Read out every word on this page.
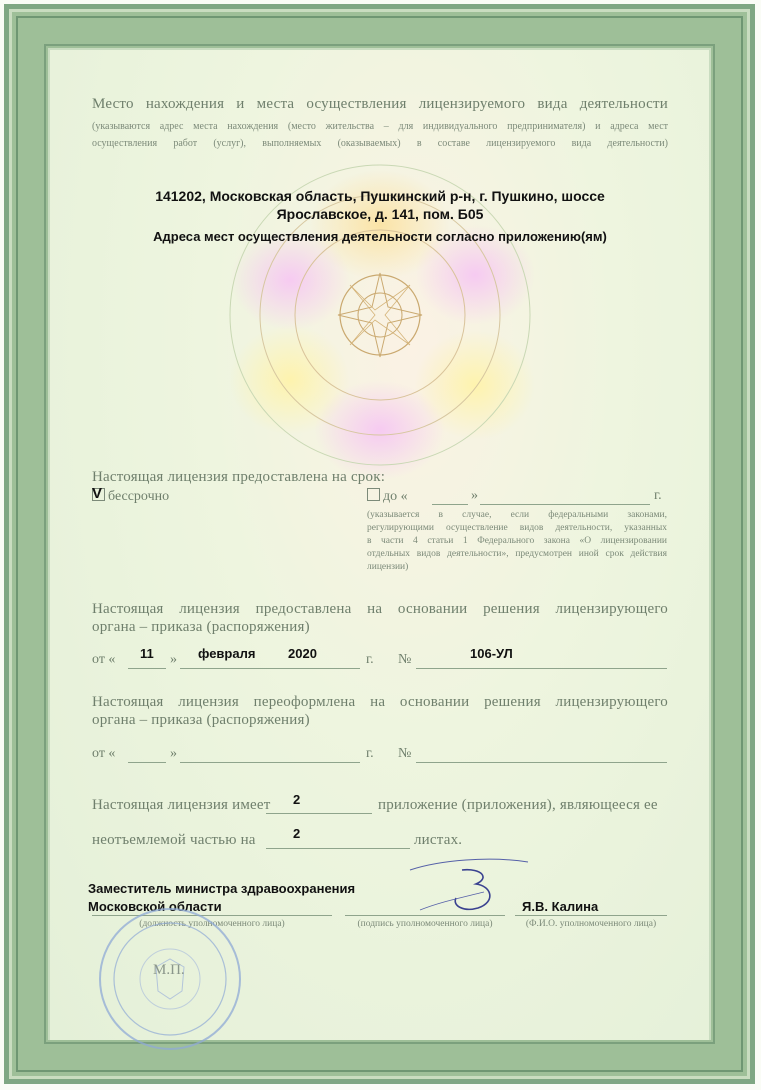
Место нахождения и места осуществления лицензируемого вида деятельности
(указываются адрес места нахождения (место жительства – для индивидуального предпринимателя) и адреса мест
осуществления работ (услуг), выполняемых (оказываемых) в составе лицензируемого вида деятельности)
141202, Московская область, Пушкинский р-н, г. Пушкино, шоссе
Ярославское, д. 141, пом. Б05
Адреса мест осуществления деятельности согласно приложению(ям)
Настоящая лицензия предоставлена на срок:
бессрочно
V	до «	»	г.
(указывается в случае, если федеральными законами,
регулирующими осуществление видов деятельности, указанных
в части 4 статьи 1 Федерального закона «О лицензировании
отдельных видов деятельности», предусмотрен иной срок действия
лицензии)
Настоящая лицензия предоставлена на основании решения лицензирующего
органа – приказа (распоряжения)
от « 11 » февраля	2020	г. №	106-УЛ
Настоящая лицензия переоформлена на основании решения лицензирующего
органа – приказа (распоряжения)
от «	»	г. №
Настоящая лицензия имеет 2	приложение (приложения), являющееся ее
неотъемлемой частью на	2	листах.
Заместитель министра здравоохранения
Московской области
(должность уполномоченного лица)	(подпись уполномоченного лица)
Я.В. Калина
(Ф.И.О. уполномоченного лица)
М.П.
